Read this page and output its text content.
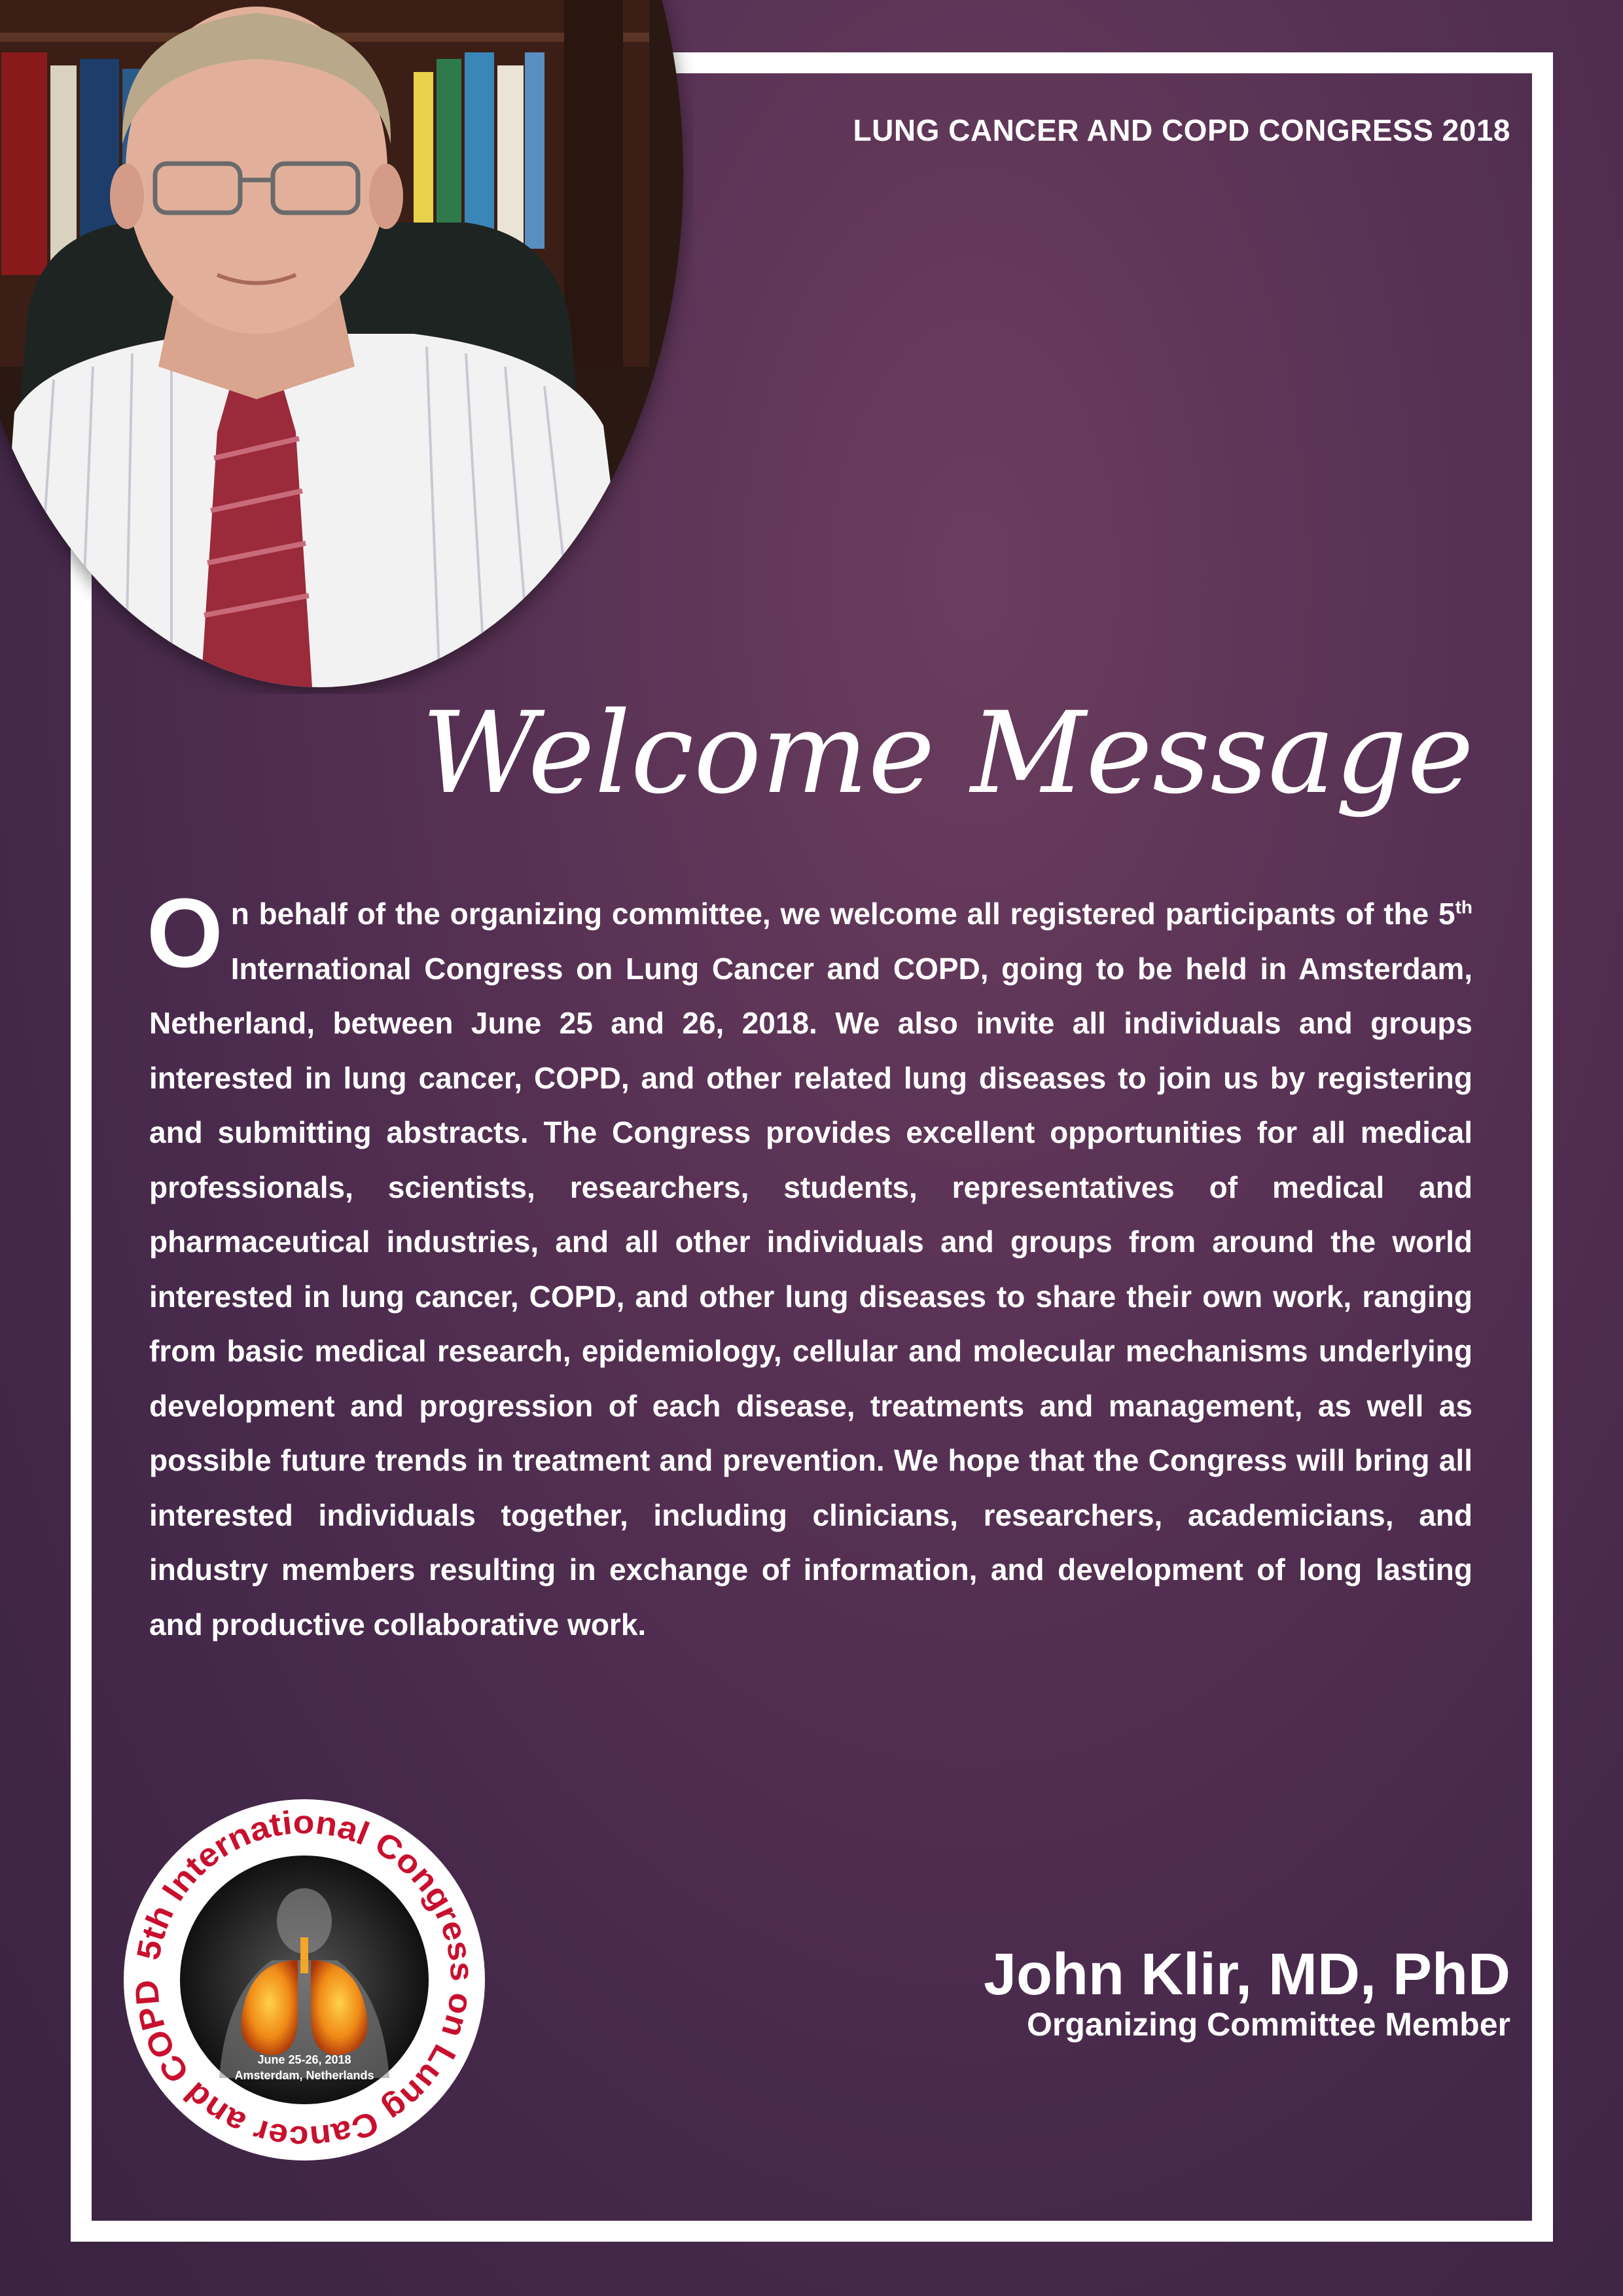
LUNG CANCER AND COPD CONGRESS 2018
Welcome Message
On behalf of the organizing committee, we welcome all registered participants of the 5th International Congress on Lung Cancer and COPD, going to be held in Amsterdam, Netherland, between June 25 and 26, 2018. We also invite all individuals and groups interested in lung cancer, COPD, and other related lung diseases to join us by registering and submitting abstracts. The Congress provides excellent opportunities for all medical professionals, scientists, researchers, students, representatives of medical and pharmaceutical industries, and all other individuals and groups from around the world interested in lung cancer, COPD, and other lung diseases to share their own work, ranging from basic medical research, epidemiology, cellular and molecular mechanisms underlying development and progression of each disease, treatments and management, as well as possible future trends in treatment and prevention. We hope that the Congress will bring all interested individuals together, including clinicians, researchers, academicians, and industry members resulting in exchange of information, and development of long lasting and productive collaborative work.
John Klir, MD, PhD
Organizing Committee Member
June 25-26, 2018
Amsterdam, Netherlands
5th International Congress on Lung Cancer and COPD
